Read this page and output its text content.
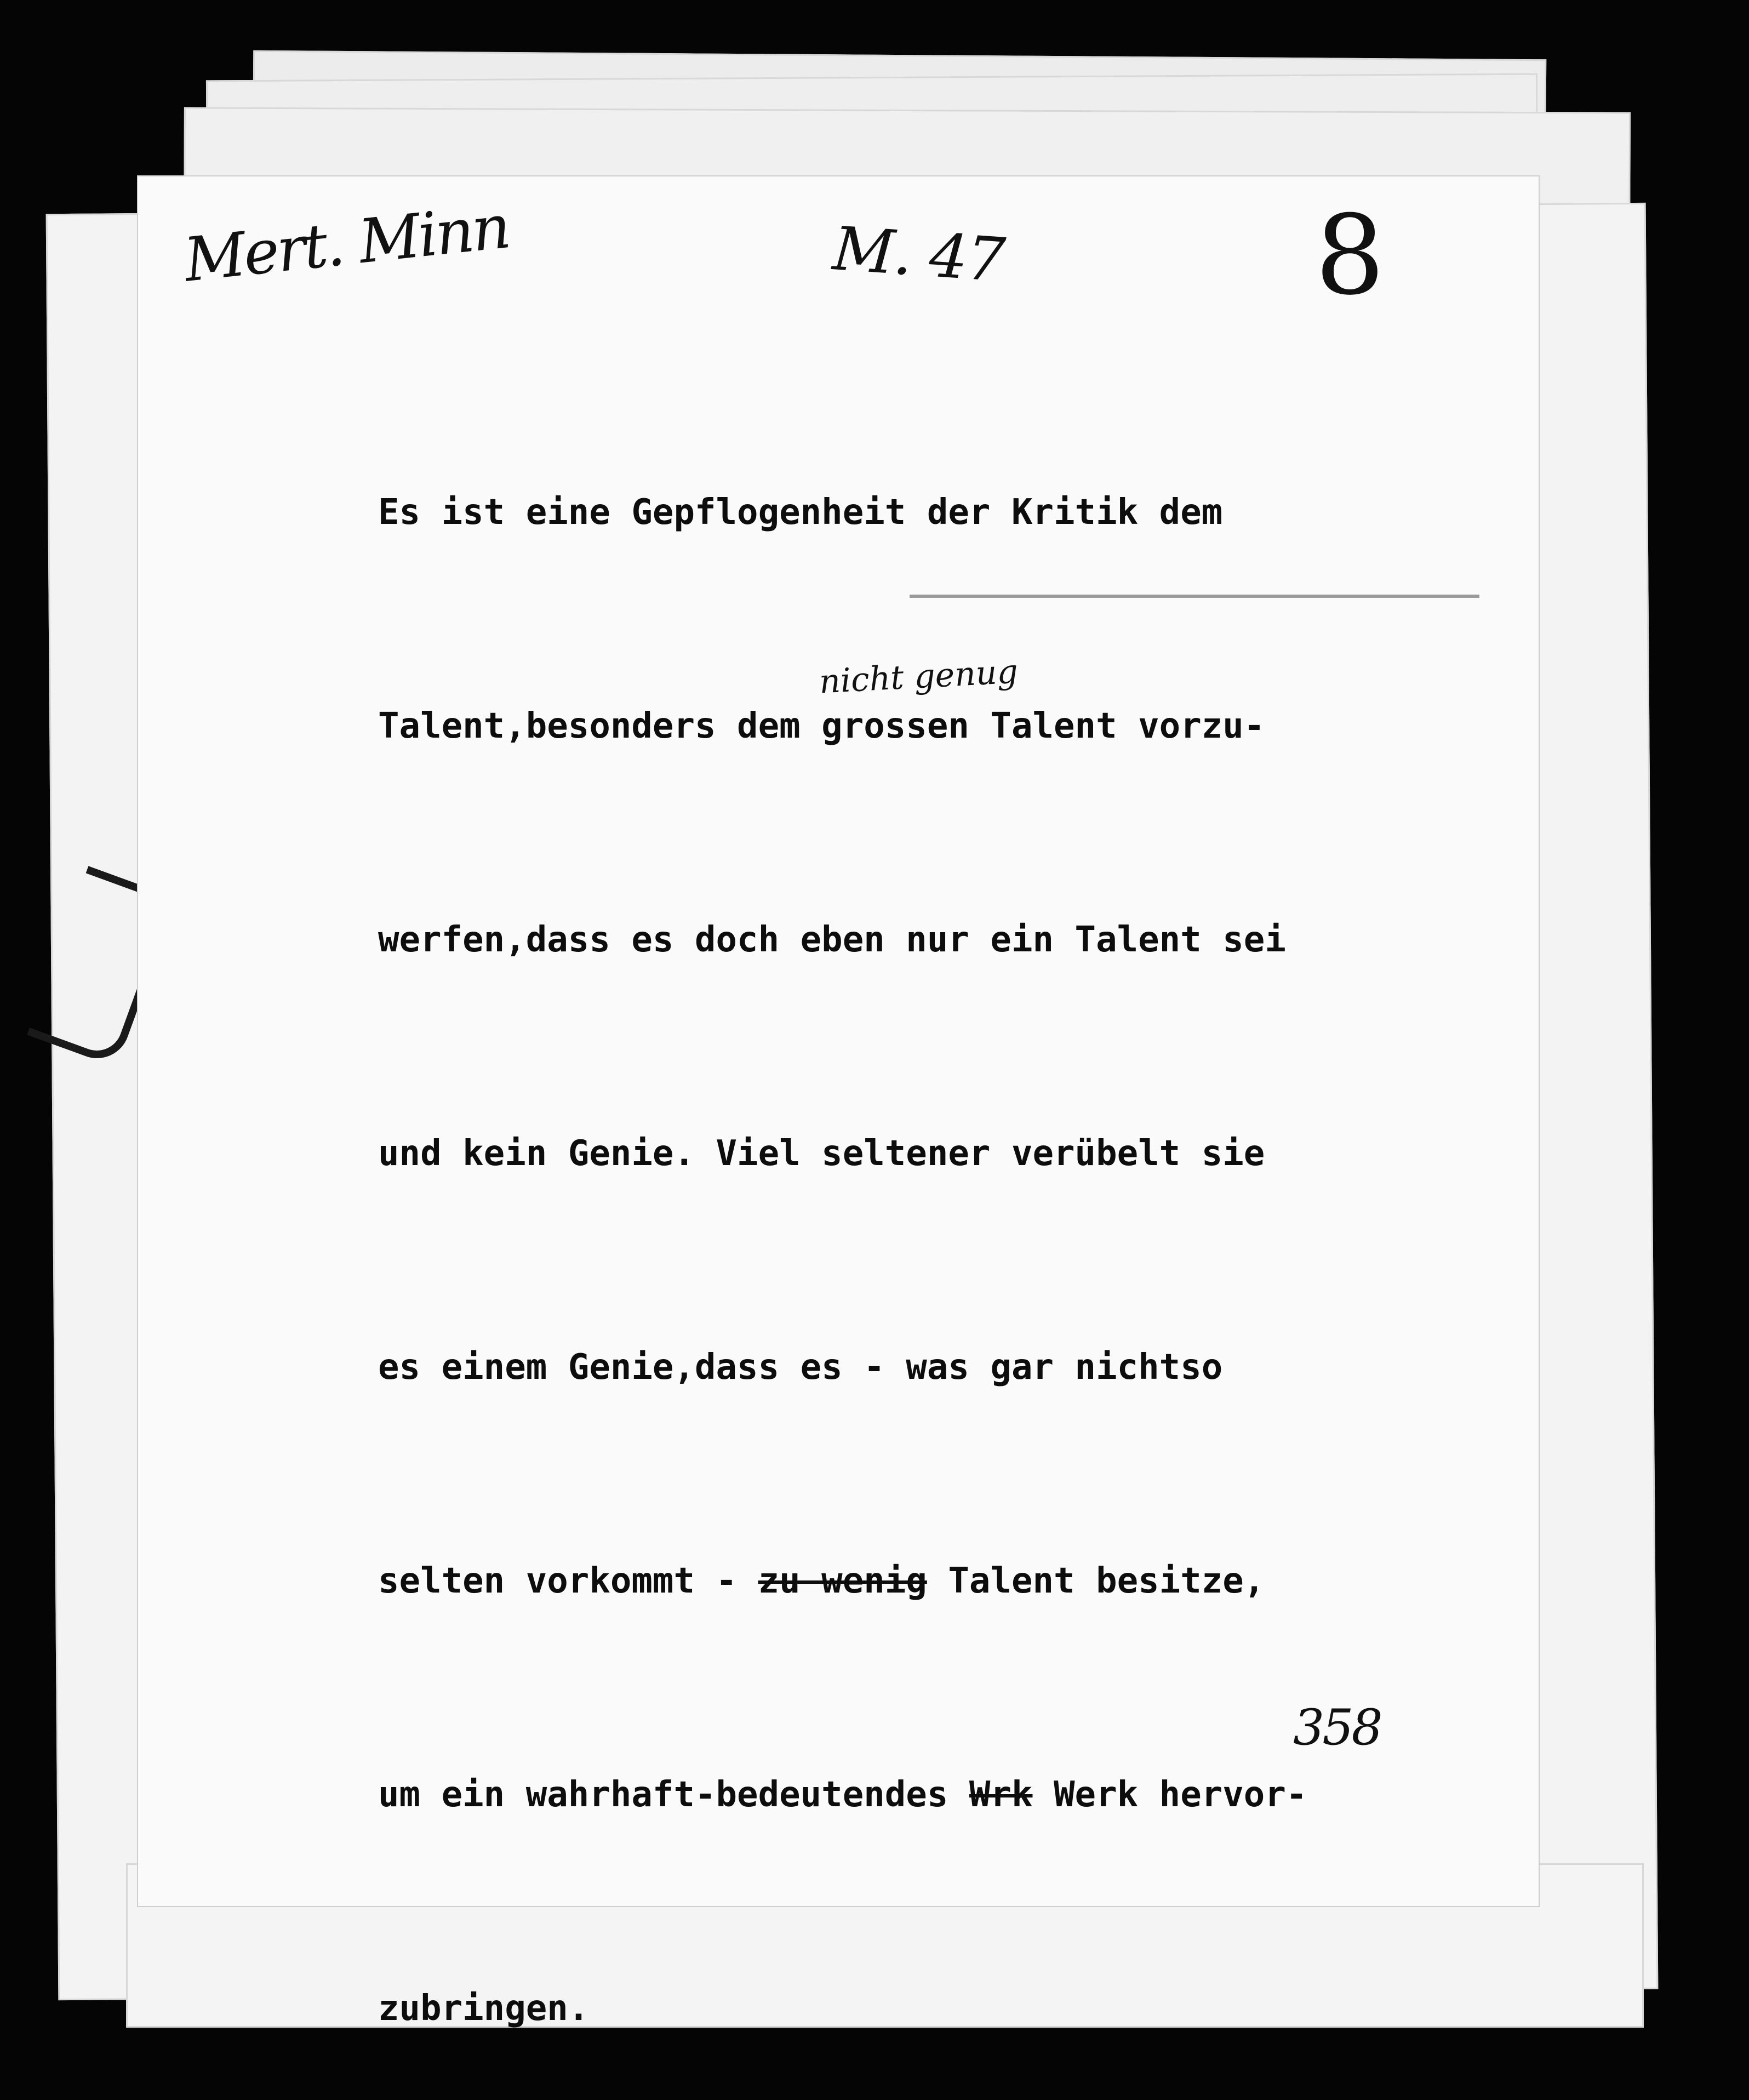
Mert. Minn	M. 47	8
nicht genug

Es ist eine Gepflogenheit der Kritik dem

Talent,besonders dem grossen Talent vorzu-

werfen,dass es doch eben nur ein Talent sei

und kein Genie. Viel seltener verübelt sie

es einem Genie,dass es - was gar nichtso

selten vorkommt - zu wenig Talent besitze,

um ein wahrhaft-bedeutendes Wrk Werk hervor-

zubringen.

358
